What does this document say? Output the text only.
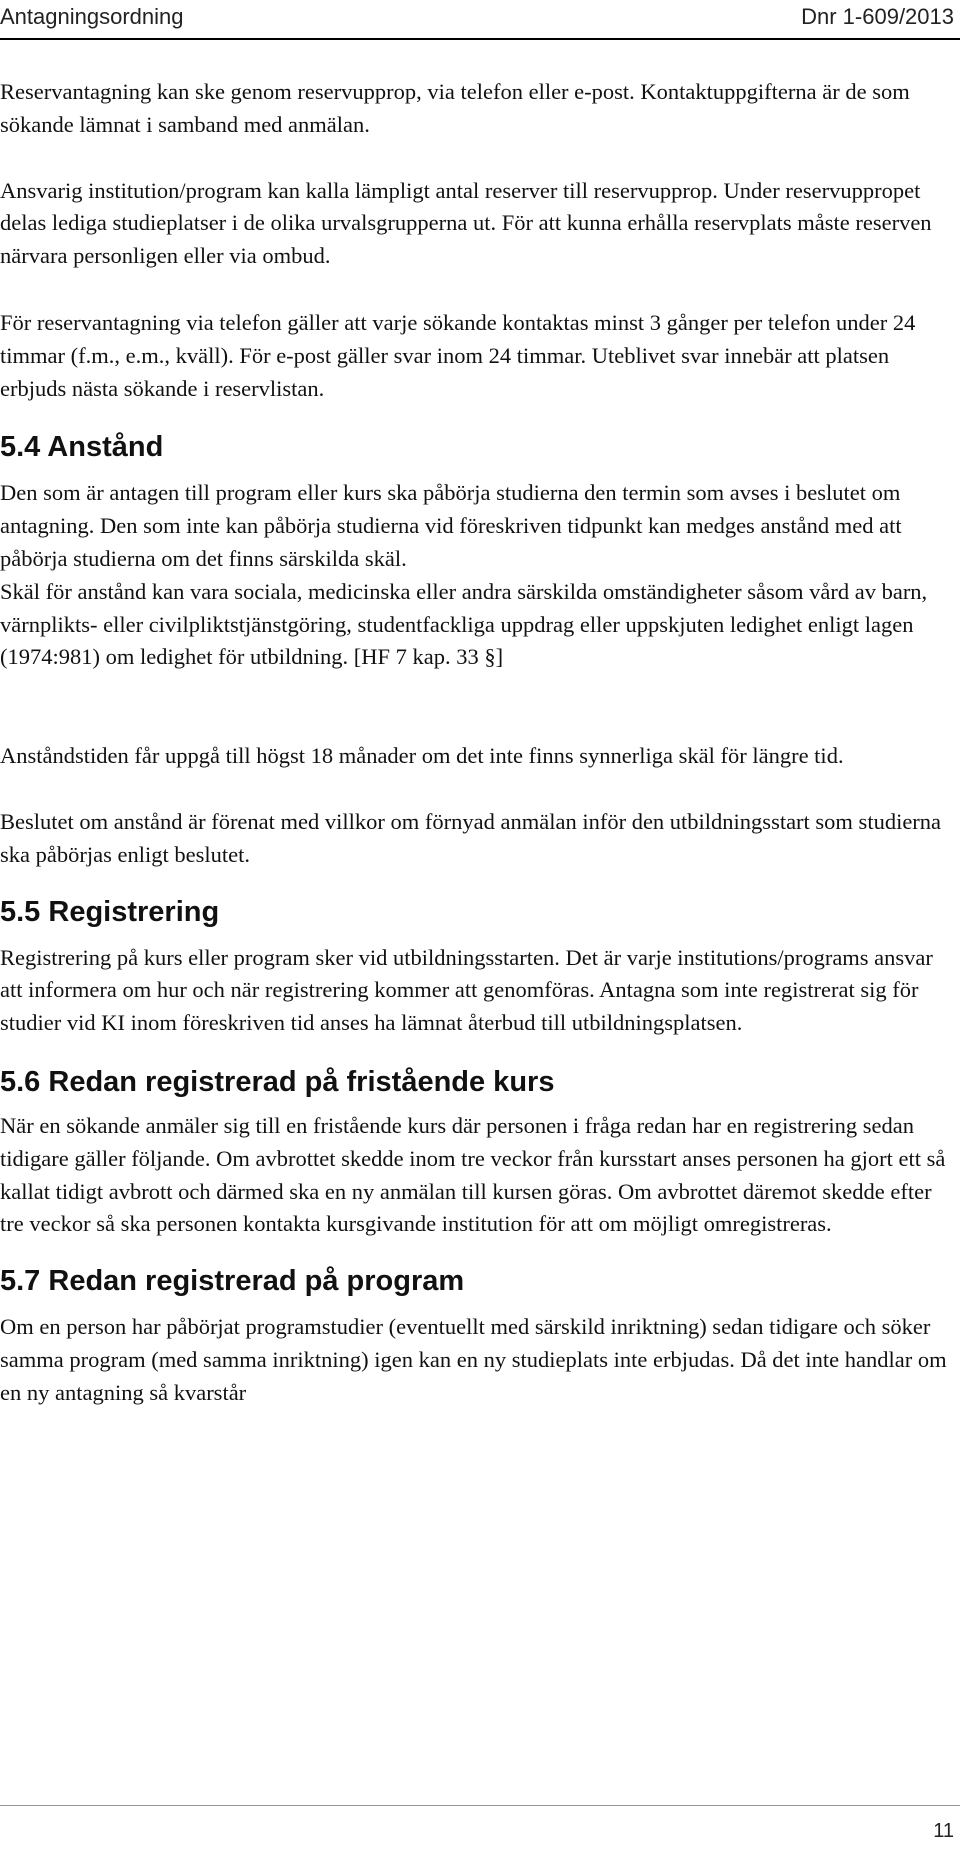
Antagningsordning	Dnr 1-609/2013

Reservantagning kan ske genom reservupprop, via telefon eller e-post. Kontaktuppgifterna är de som sökande lämnat i samband med anmälan.

Ansvarig institution/program kan kalla lämpligt antal reserver till reservupprop. Under reservuppropet delas lediga studieplatser i de olika urvalsgrupperna ut. För att kunna erhålla reservplats måste reserven närvara personligen eller via ombud.

För reservantagning via telefon gäller att varje sökande kontaktas minst 3 gånger per telefon under 24 timmar (f.m., e.m., kväll). För e-post gäller svar inom 24 timmar. Uteblivet svar innebär att platsen erbjuds nästa sökande i reservlistan.

5.4 Anstånd

Den som är antagen till program eller kurs ska påbörja studierna den termin som avses i beslutet om antagning. Den som inte kan påbörja studierna vid föreskriven tidpunkt kan medges anstånd med att påbörja studierna om det finns särskilda skäl.

Skäl för anstånd kan vara sociala, medicinska eller andra särskilda omständigheter såsom vård av barn, värnplikts- eller civilpliktstjänstgöring, studentfackliga uppdrag eller uppskjuten ledighet enligt lagen (1974:981) om ledighet för utbildning. [HF 7 kap. 33 §]

Anståndstiden får uppgå till högst 18 månader om det inte finns synnerliga skäl för längre tid.

Beslutet om anstånd är förenat med villkor om förnyad anmälan inför den utbildningsstart som studierna ska påbörjas enligt beslutet.

5.5 Registrering

Registrering på kurs eller program sker vid utbildningsstarten. Det är varje institutions/programs ansvar att informera om hur och när registrering kommer att genomföras. Antagna som inte registrerat sig för studier vid KI inom föreskriven tid anses ha lämnat återbud till utbildningsplatsen.

5.6 Redan registrerad på fristående kurs

När en sökande anmäler sig till en fristående kurs där personen i fråga redan har en registrering sedan tidigare gäller följande. Om avbrottet skedde inom tre veckor från kursstart anses personen ha gjort ett så kallat tidigt avbrott och därmed ska en ny anmälan till kursen göras. Om avbrottet däremot skedde efter tre veckor så ska personen kontakta kursgivande institution för att om möjligt omregistreras.

5.7 Redan registrerad på program

Om en person har påbörjat programstudier (eventuellt med särskild inriktning) sedan tidigare och söker samma program (med samma inriktning) igen kan en ny studieplats inte erbjudas. Då det inte handlar om en ny antagning så kvarstår

11
